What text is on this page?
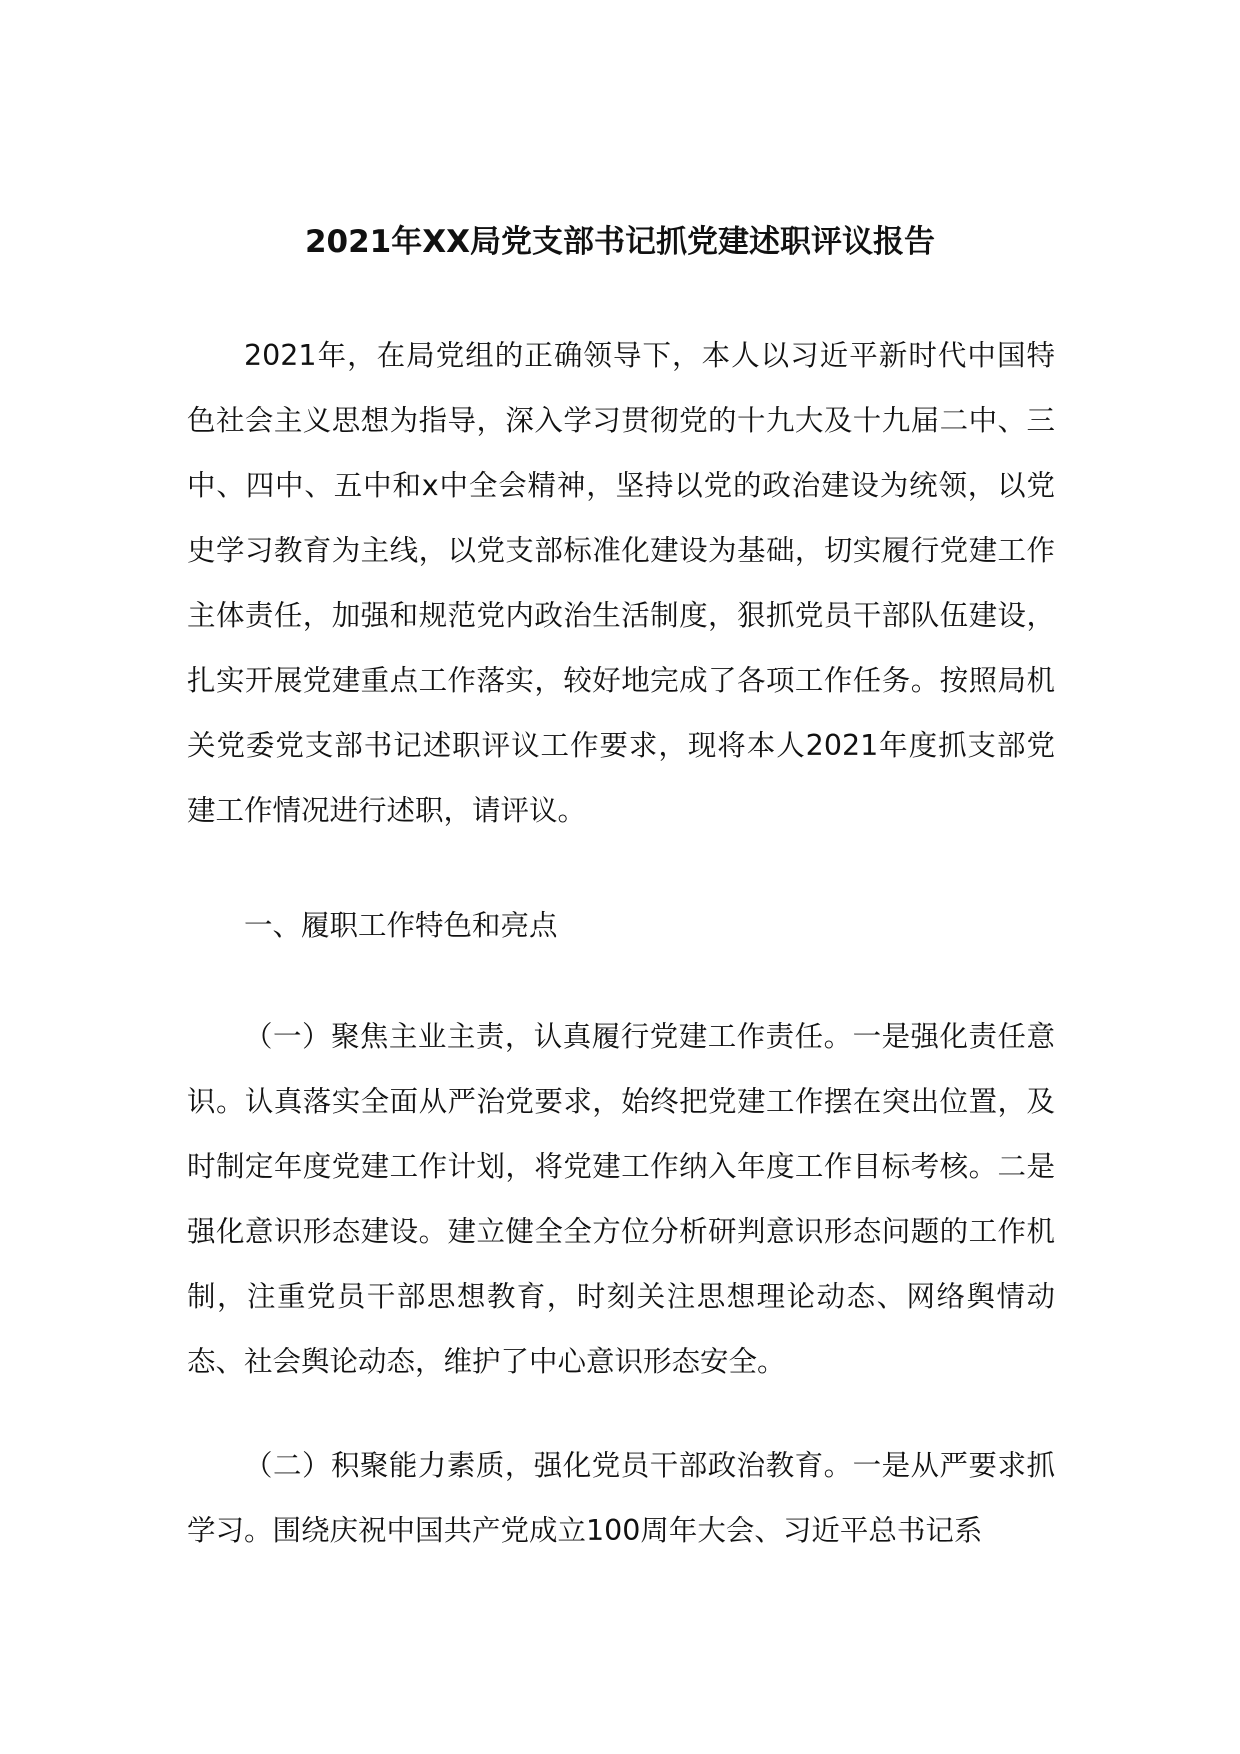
2021年XX局党支部书记抓党建述职评议报告

2021年，在局党组的正确领导下，本人以习近平新时代中国特色社会主义思想为指导，深入学习贯彻党的十九大及十九届二中、三中、四中、五中和x中全会精神，坚持以党的政治建设为统领，以党史学习教育为主线，以党支部标准化建设为基础，切实履行党建工作主体责任，加强和规范党内政治生活制度，狠抓党员干部队伍建设，扎实开展党建重点工作落实，较好地完成了各项工作任务。按照局机关党委党支部书记述职评议工作要求，现将本人2021年度抓支部党建工作情况进行述职，请评议。

一、履职工作特色和亮点

（一）聚焦主业主责，认真履行党建工作责任。一是强化责任意识。认真落实全面从严治党要求，始终把党建工作摆在突出位置，及时制定年度党建工作计划，将党建工作纳入年度工作目标考核。二是强化意识形态建设。建立健全全方位分析研判意识形态问题的工作机制，注重党员干部思想教育，时刻关注思想理论动态、网络舆情动态、社会舆论动态，维护了中心意识形态安全。

（二）积聚能力素质，强化党员干部政治教育。一是从严要求抓学习。围绕庆祝中国共产党成立100周年大会、习近平总书记系
